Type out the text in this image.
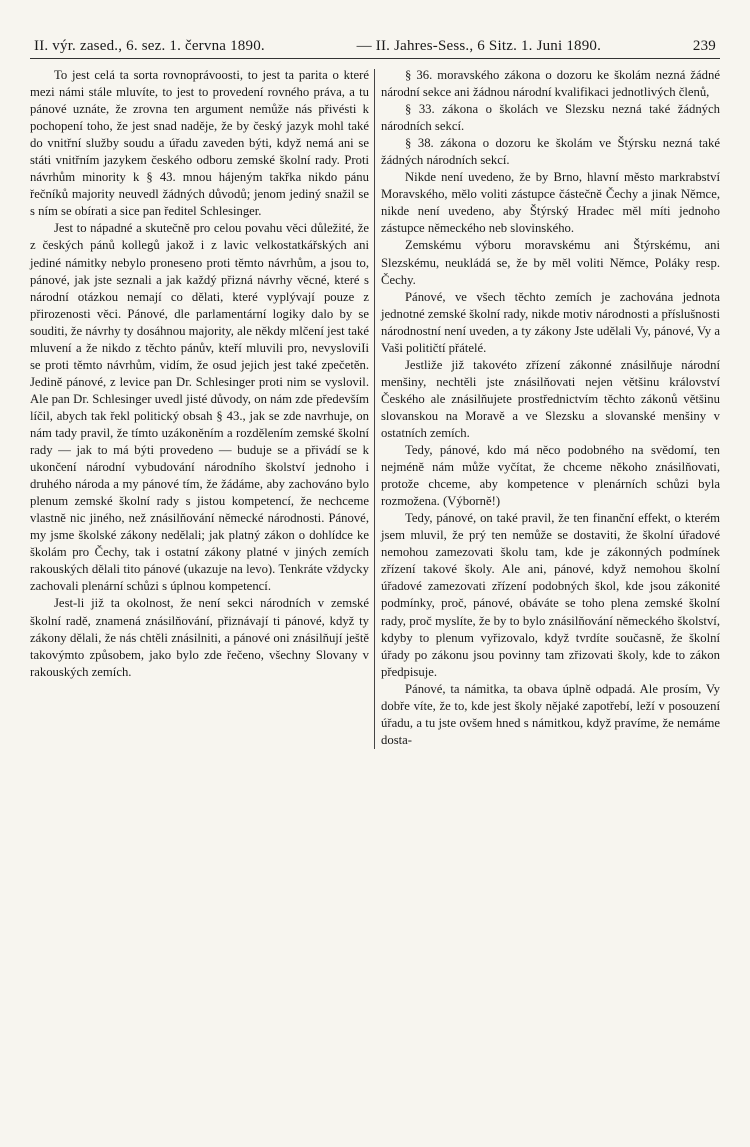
II. výr. zased., 6. sez. 1. června 1890.	— II. Jahres-Sess., 6 Sitz. 1. Juni 1890.	239

To jest celá ta sorta rovnoprávoosti, to jest ta parita o které mezi námi stále mluvíte, to jest to provedení rovného práva, a tu pánové uznáte, že zrovna ten argument nemůže nás přivésti k pochopení toho, že jest snad naděje, že by český jazyk mohl také do vnitřní služby soudu a úřadu zaveden býti, když nemá ani se státi vnitřním jazykem českého odboru zemské školní rady. Proti návrhům minority k § 43. mnou hájeným takřka nikdo pánu řečníků majority neuvedl žádných důvodů; jenom jediný snažil se s ním se obírati a sice pan ředitel Schlesinger.

Jest to nápadné a skutečně pro celou povahu věci důležité, že z českých pánů kollegů jakož i z lavic velkostatkářských ani jediné námitky nebylo proneseno proti těmto návrhům, a jsou to, pánové, jak jste seznali a jak každý přizná návrhy věcné, které s národní otázkou nemají co dělati, které vyplývají pouze z přirozenosti věci. Pánové, dle parlamentární logiky dalo by se souditi, že návrhy ty dosáhnou majority, ale někdy mlčení jest také mluvení a že nikdo z těchto pánův, kteří mluvili pro, nevysloviIi se proti těmto návrhům, vidím, že osud jejich jest také zpečetěn. Jedině pánové, z levice pan Dr. Schlesinger proti nim se vyslovil. Ale pan Dr. Schlesinger uvedl jisté důvody, on nám zde především líčil, abych tak řekl politický obsah § 43., jak se zde navrhuje, on nám tady pravil, že tímto uzákoněním a rozdělením zemské školní rady — jak to má býti provedeno — buduje se a přivádí se k ukončení národní vybudování národního školství jednoho i druhého národa a my pánové tím, že žádáme, aby zachováno bylo plenum zemské školní rady s jistou kompetencí, že nechceme vlastně nic jiného, než znásilňování německé národnosti. Pánové, my jsme školské zákony nedělali; jak platný zákon o dohlídce ke školám pro Čechy, tak i ostatní zákony platné v jiných zemích rakouských dělali tito pánové (ukazuje na levo). Tenkráte vždycky zachovali plenární schůzi s úplnou kompetencí.

Jest-li již ta okolnost, že není sekci národních v zemské školní radě, znamená znásilňování, přiznávají ti pánové, když ty zákony dělali, že nás chtěli znásilniti, a pánové oni znásilňují ještě takovýmto způsobem, jako bylo zde řečeno, všechny Slovany v rakouských zemích.

§ 36. moravského zákona o dozoru ke školám nezná žádné národní sekce ani žádnou národní kvalifikaci jednotlivých členů,

§ 33. zákona o školách ve Slezsku nezná také žádných národních sekcí.

§ 38. zákona o dozoru ke školám ve Štýrsku nezná také žádných národních sekcí.

Nikde není uvedeno, že by Brno, hlavní město markrabství Moravského, mělo voliti zástupce částečně Čechy a jinak Němce, nikde není uvedeno, aby Štýrský Hradec měl míti jednoho zástupce německého neb slovinského.

Zemskému výboru moravskému ani Štýrskému, ani Slezskému, neukládá se, že by měl voliti Němce, Poláky resp. Čechy.

Pánové, ve všech těchto zemích je zachována jednota jednotné zemské školní rady, nikde motiv národnosti a příslušnosti národnostní není uveden, a ty zákony Jste udělali Vy, pánové, Vy a Vaši političtí přátelé.

Jestliže již takovéto zřízení zákonné znásilňuje národní menšiny, nechtěli jste znásilňovati nejen většinu království Českého ale znásilňujete prostřednictvím těchto zákonů většinu slovanskou na Moravě a ve Slezsku a slovanské menšiny v ostatních zemích.

Tedy, pánové, kdo má něco podobného na svědomí, ten nejméně nám může vyčítat, že chceme někoho znásilňovati, protože chceme, aby kompetence v plenárních schůzi byla rozmožena. (Výborně!)

Tedy, pánové, on také pravil, že ten finanční effekt, o kterém jsem mluvil, že prý ten nemůže se dostaviti, že školní úřadové nemohou zamezovati školu tam, kde je zákonných podmínek zřízení takové školy. Ale ani, pánové, když nemohou školní úřadové zamezovati zřízení podobných škol, kde jsou zákonité podmínky, proč, pánové, obáváte se toho plena zemské školní rady, proč myslíte, že by to bylo znásilňování německého školství, kdyby to plenum vyřizovalo, když tvrdíte současně, že školní úřady po zákonu jsou povinny tam zřizovati školy, kde to zákon předpisuje.

Pánové, ta námitka, ta obava úplně odpadá. Ale prosím, Vy dobře víte, že to, kde jest školy nějaké zapotřebí, leží v posouzení úřadu, a tu jste ovšem hned s námitkou, když pravíme, že nemáme dosta-
